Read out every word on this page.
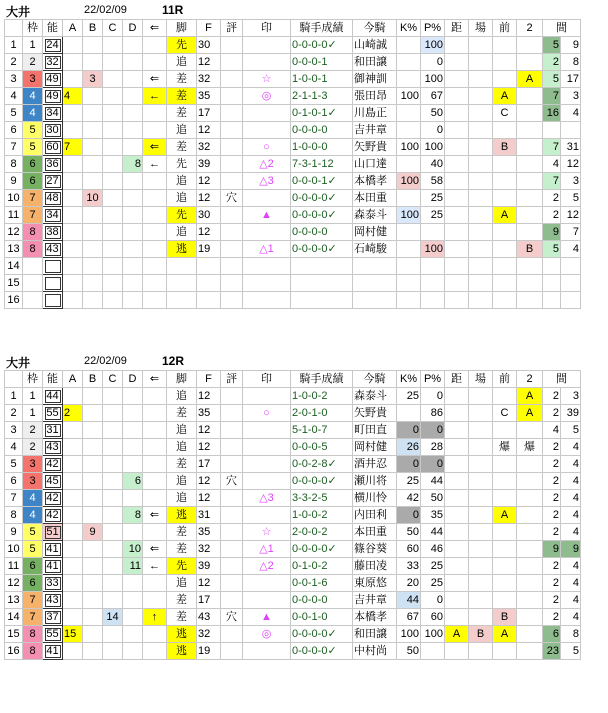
大井	22/02/09	11R
	枠	能	A	B	C	D	⇐	脚	F	評	印	騎手成績	今騎	K%	P%	距	場	前	2	間	
1	1	24						先	30			0-0-0-0✓	山崎誠		100					5	9
2	2	32						追	12			0-0-0-1	和田譲		0					2	8
3	3	49		3			⇐	差	32		☆	1-0-0-1	御神訓		100				A	5	17
4	4	49	4				←	差	35		◎	2-1-1-3	張田昂	100	67			A		7	3
5	4	34						差	17			0-1-0-1✓	川島正		50			C		16	4
6	5	30						追	12			0-0-0-0	吉井章		0						
7	5	60	7				⇐	差	32		○	1-0-0-0	矢野貴	100	100			B		7	31
8	6	36				8	←	先	39		△2	7-3-1-12	山口達		40					4	12
9	6	27						追	12		△3	0-0-0-1✓	本橋孝	100	58					7	3
10	7	48		10				追	12	穴		0-0-0-0✓	本田重		25					2	5
11	7	34						先	30		▲	0-0-0-0✓	森泰斗	100	25			A		2	12
12	8	38						追	12			0-0-0-0	岡村健							9	7
13	8	43						逃	19		△1	0-0-0-0✓	石崎駿		100				B	5	4
14																					
15																					
16																					
大井	22/02/09	12R
	枠	能	A	B	C	D	⇐	脚	F	評	印	騎手成績	今騎	K%	P%	距	場	前	2	間	
1	1	44						追	12			1-0-0-2	森泰斗	25	0				A	2	3
2	1	55	2					差	35		○	2-0-1-0	矢野貴		86			C	A	2	39
3	2	31						追	12			5-1-0-7	町田直	0	0					4	5
4	2	43						追	12			0-0-0-5	岡村健	26	28			爆	爆	2	4
5	3	42						差	17			0-0-2-8✓	酒井忍	0	0					2	4
6	3	45				6		追	12	穴		0-0-0-0✓	瀬川将	25	44					2	4
7	4	42						追	12		△3	3-3-2-5	横川怜	42	50					2	4
8	4	42				8	⇐	逃	31			1-0-0-2	内田利	0	35			A		2	4
9	5	51		9				差	35		☆	2-0-0-2	本田重	50	44					2	4
10	5	41				10	⇐	差	32		△1	0-0-0-0✓	篠谷葵	60	46					9	9
11	6	41				11	←	先	39		△2	0-1-0-2	藤田凌	33	25					2	4
12	6	33						追	12			0-0-1-6	東原悠	20	25					2	4
13	7	43						差	17			0-0-0-0	吉井章	44	0					2	4
14	7	37			14		↑	差	43	穴	▲	0-0-1-0	本橋孝	67	60			B		2	4
15	8	55	15					逃	32		◎	0-0-0-0✓	和田譲	100	100	A	B	A		6	8
16	8	41						逃	19			0-0-0-0✓	中村尚	50						23	5
